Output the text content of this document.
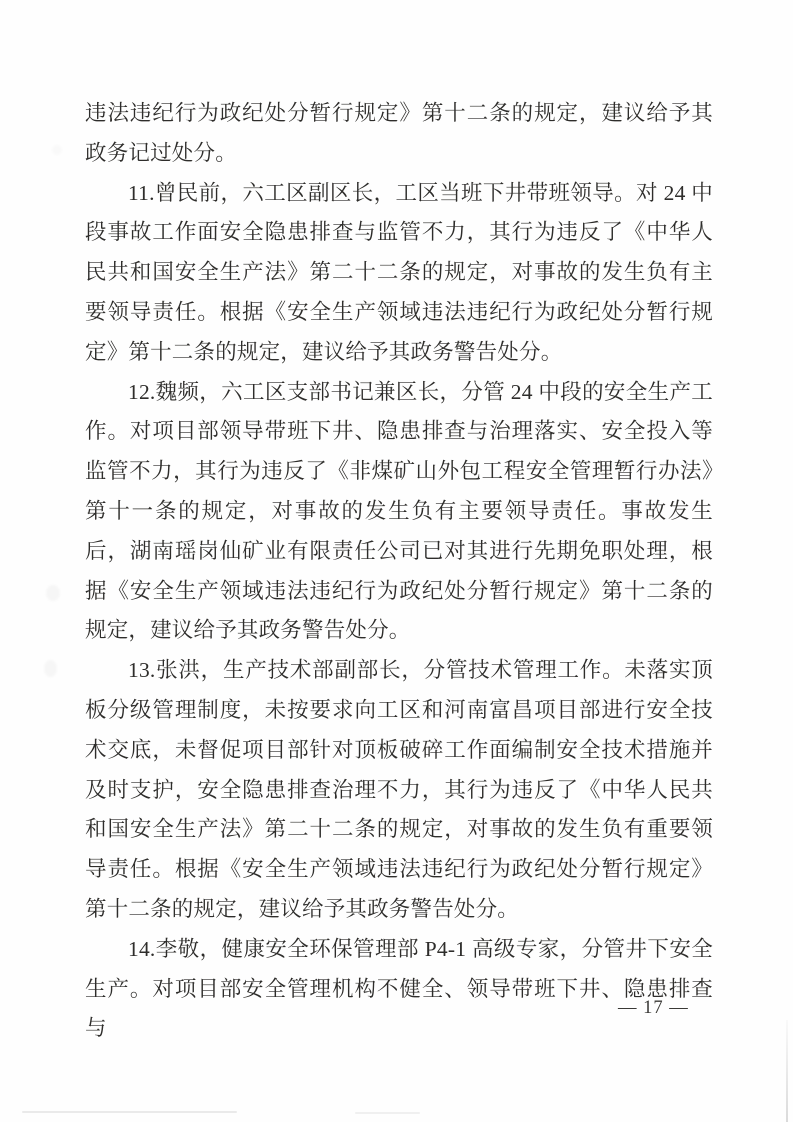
违法违纪行为政纪处分暂行规定》第十二条的规定，建议给予其政务记过处分。

11.曾民前，六工区副区长，工区当班下井带班领导。对 24 中段事故工作面安全隐患排查与监管不力，其行为违反了《中华人民共和国安全生产法》第二十二条的规定，对事故的发生负有主要领导责任。根据《安全生产领域违法违纪行为政纪处分暂行规定》第十二条的规定，建议给予其政务警告处分。

12.魏频，六工区支部书记兼区长，分管 24 中段的安全生产工作。对项目部领导带班下井、隐患排查与治理落实、安全投入等监管不力，其行为违反了《非煤矿山外包工程安全管理暂行办法》第十一条的规定，对事故的发生负有主要领导责任。事故发生后，湖南瑶岗仙矿业有限责任公司已对其进行先期免职处理，根据《安全生产领域违法违纪行为政纪处分暂行规定》第十二条的规定，建议给予其政务警告处分。

13.张洪，生产技术部副部长，分管技术管理工作。未落实顶板分级管理制度，未按要求向工区和河南富昌项目部进行安全技术交底，未督促项目部针对顶板破碎工作面编制安全技术措施并及时支护，安全隐患排查治理不力，其行为违反了《中华人民共和国安全生产法》第二十二条的规定，对事故的发生负有重要领导责任。根据《安全生产领域违法违纪行为政纪处分暂行规定》第十二条的规定，建议给予其政务警告处分。

14.李敬，健康安全环保管理部 P4-1 高级专家，分管井下安全生产。对项目部安全管理机构不健全、领导带班下井、隐患排查与

— 17 —
